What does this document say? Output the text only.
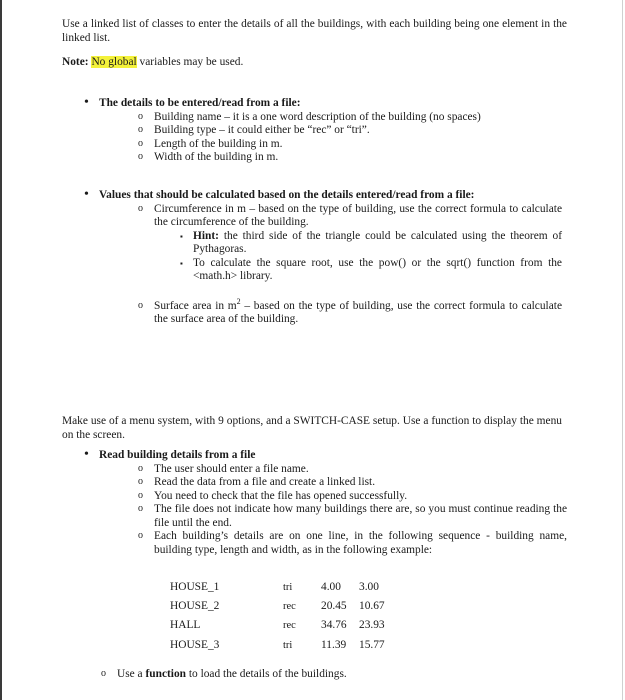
Use a linked list of classes to enter the details of all the buildings, with each building being one element in the linked list.

Note: No global variables may be used.

• The details to be entered/read from a file:
o Building name – it is a one word description of the building (no spaces)
o Building type – it could either be “rec” or “tri”.
o Length of the building in m.
o Width of the building in m.
• Values that should be calculated based on the details entered/read from a file:
o Circumference in m – based on the type of building, use the correct formula to calculate the circumference of the building.
▪ Hint: the third side of the triangle could be calculated using the theorem of Pythagoras.
▪ To calculate the square root, use the pow() or the sqrt() function from the <math.h> library.
o Surface area in $m^2$ – based on the type of building, use the correct formula to calculate the surface area of the building.

Make use of a menu system, with 9 options, and a SWITCH-CASE setup. Use a function to display the menu on the screen.

• Read building details from a file
o The user should enter a file name.
o Read the data from a file and create a linked list.
o You need to check that the file has opened successfully.
o The file does not indicate how many buildings there are, so you must continue reading the file until the end.
o Each building’s details are on one line, in the following sequence - building name, building type, length and width, as in the following example:
HOUSE_1	tri	4.00	3.00
HOUSE_2	rec	20.45	10.67
HALL	rec	34.76	23.93
HOUSE_3	tri	11.39	15.77
o Use a function to load the details of the buildings.
